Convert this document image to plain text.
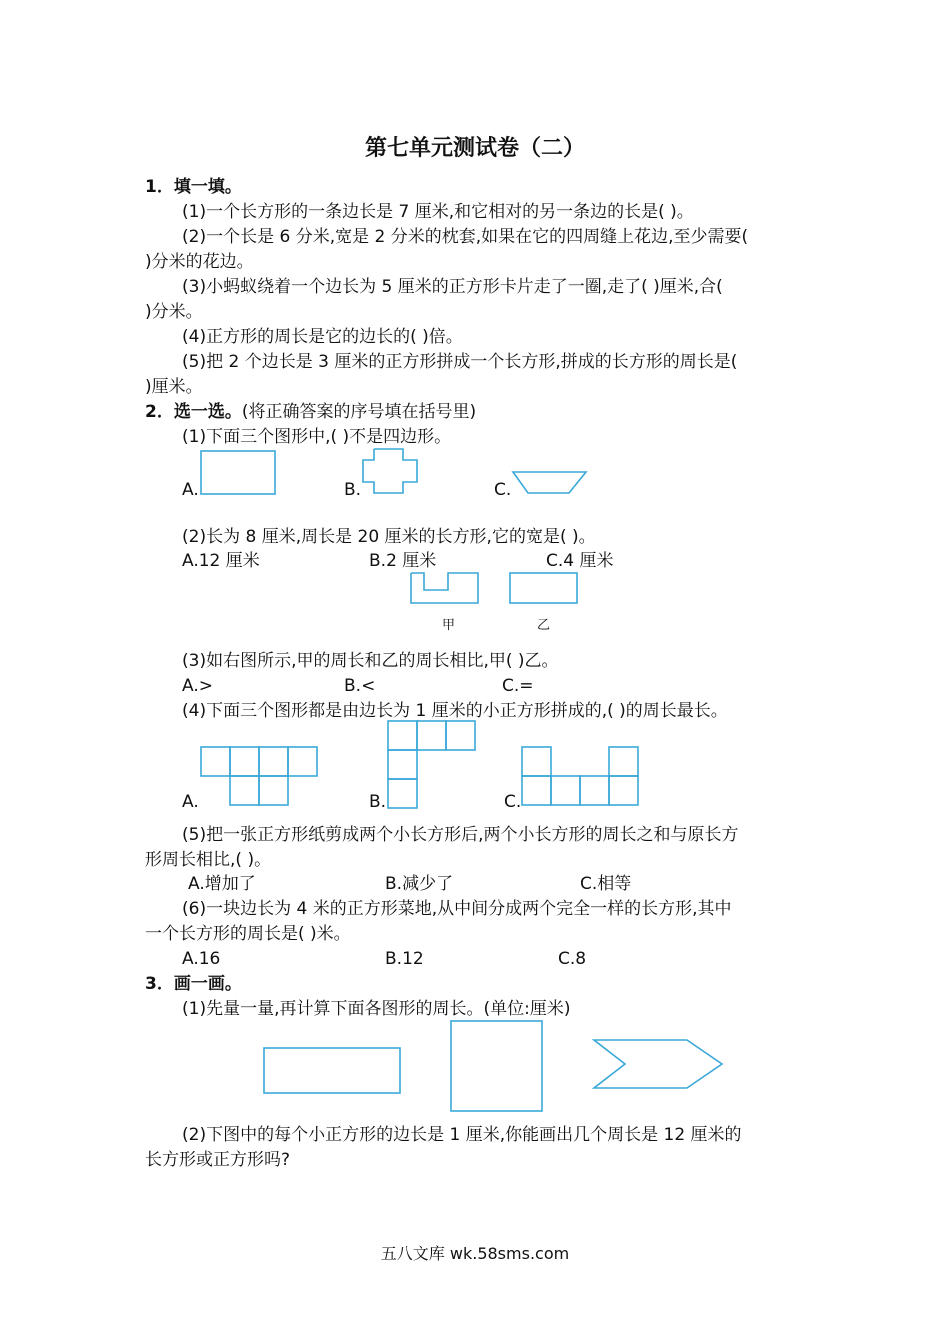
第七单元测试卷（二）
1．填一填。
(1)一个长方形的一条边长是 7 厘米,和它相对的另一条边的长是( )。
(2)一个长是 6 分米,宽是 2 分米的枕套,如果在它的四周缝上花边,至少需要(
)分米的花边。
(3)小蚂蚁绕着一个边长为 5 厘米的正方形卡片走了一圈,走了( )厘米,合(
)分米。
(4)正方形的周长是它的边长的( )倍。
(5)把 2 个边长是 3 厘米的正方形拼成一个长方形,拼成的长方形的周长是(
)厘米。
2．选一选。(将正确答案的序号填在括号里)
(1)下面三个图形中,( )不是四边形。
A.	B.	C.
(2)长为 8 厘米,周长是 20 厘米的长方形,它的宽是( )。
A.12 厘米	B.2 厘米	C.4 厘米
甲	乙
(3)如右图所示,甲的周长和乙的周长相比,甲( )乙。
A.>	B.<	C.=
(4)下面三个图形都是由边长为 1 厘米的小正方形拼成的,( )的周长最长。
A.	B.	C.
(5)把一张正方形纸剪成两个小长方形后,两个小长方形的周长之和与原长方
形周长相比,( )。
A.增加了	B.减少了	C.相等
(6)一块边长为 4 米的正方形菜地,从中间分成两个完全一样的长方形,其中
一个长方形的周长是( )米。
A.16	B.12	C.8
3．画一画。
(1)先量一量,再计算下面各图形的周长。(单位:厘米)
(2)下图中的每个小正方形的边长是 1 厘米,你能画出几个周长是 12 厘米的
长方形或正方形吗?
五八文库 wk.58sms.com
